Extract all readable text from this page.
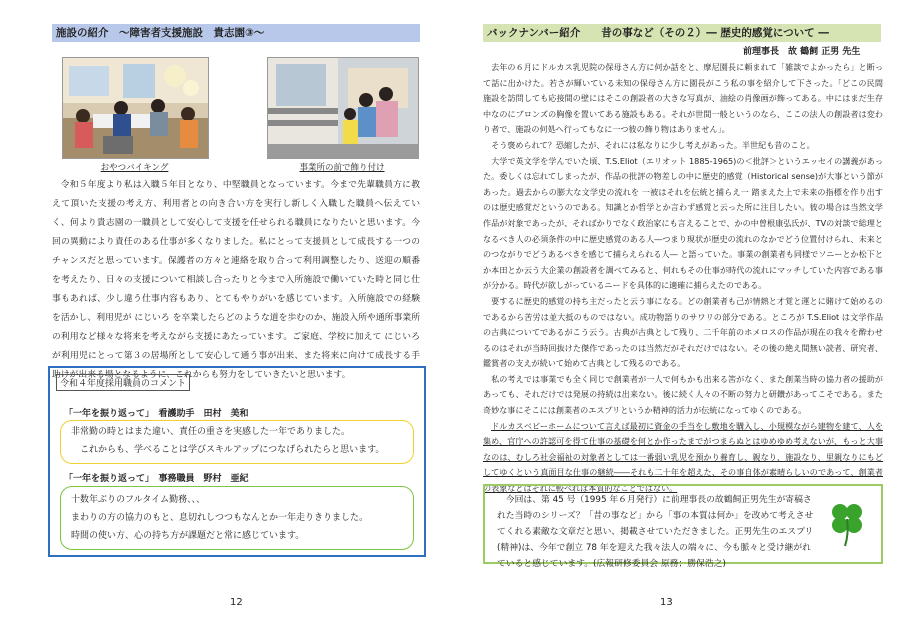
施設の紹介　～障害者支援施設　貴志園③～
おやつバイキング	事業所の前で飾り付け

令和５年度より私は入職５年目となり、中堅職員となっています。今まで先輩職員方に教えて頂いた支援の考え方、利用者との向き合い方を実行し新しく入職した職員へ伝えていく、何より貴志園の一職員として安心して支援を任せられる職員になりたいと思います。今回の異動により責任のある仕事が多くなりました。私にとって支援員として成長する一つのチャンスだと思っています。保護者の方々と連絡を取り合って利用調整したり、送迎の順番を考えたり、日々の支援について相談し合ったりと今まで入所施設で働いていた時と同じ仕事もあれば、少し違う仕事内容もあり、とてもやりがいを感じています。入所施設での経験を活かし、利用児が にじいろ を卒業したらどのような道を歩むのか、施設入所や通所事業所の利用など様々な将来を考えながら支援にあたっています。ご家庭、学校に加えて にじいろ が利用児にとって第３の居場所として安心して通う事が出来、また将来に向けて成長する手助けが出来る場となるように、これからも努力をしていきたいと思います。

令和４年度採用職員のコメント
「一年を振り返って」　看護助手　田村　美和
非常勤の時とはまた違い、責任の重さを実感した一年でありました。
これからも、学べることは学びスキルアップにつなげられたらと思います。
「一年を振り返って」　事務職員　野村　亜紀
十数年ぶりのフルタイム勤務、、、
まわりの方の協力のもと、息切れしつつもなんとか一年走りきりました。
時間の使い方、心の持ち方が課題だと常に感じています。
12
バックナンバー紹介　　昔の事など（その２）― 歴史的感覚について ―
前理事長　故 鶴飼 正男 先生

去年の６月にドルカス乳児院の保母さん方に何か話をと、摩尼園長に頼まれて「雑談でよかったら」と断って話に出かけた。若さが輝いている未知の保母さん方に園長がこう私の事を紹介して下さった。「どこの民間施設を訪問しても応接間の壁にはそこの創設者の大きな写真が、油絵の肖像画が飾ってある。中にはまだ生存中なのにブロンズの胸像を置いてある施設もある。それが世間一般というのなら、ここの法人の創設者は変わり者で、施設の何処へ行ってもなに一つ彼の飾り物はありません」。

そう褒められて？恐縮したが、それには私なりに少し考えがあった。半世紀も昔のこと。

大学で英文学を学んでいた頃、T.S.Eliot（エリオット 1885-1965)の＜批評＞というエッセイの講義があった。委しくは忘れてしまったが、作品の批評の物差しの中に歴史的感覚（Historical sense)が大事という節があった。過去からの膨大な文学史の流れを 一被はそれを伝統と捕らえ一 踏まえた上で未来の指標を作り出すのは歴史感覚だというのである。知識とか哲学とか言わず感覚と云った所に注目したい。彼の場合は当然文学作品が対象であったが、そればかりでなく政治家にも言えることで、かの中曽根康弘氏が、TVの対談で総理となるべき人の必須条件の中に歴史感覚のある人―つまり現状が歴史の流れのなかでどう位置付けられ、未来とのつながりでどうあるべきを感じて捕らえられる人― と語っていた。事業の創業者も同様でソニーとか松下とか本田とか云う大企業の創設者を調べてみると、何れもその仕事が時代の流れにマッチしていた内容である事が分かる。時代が欲しがっているニードを具体的に適確に捕らえたのである。

要するに歴史的感覚の持ち主だったと云う事になる。どの創業者も己が情熱と才覚と運とに賭けて始めるのであるから苦労は並大抵のものではない。成功物語りのサワリの部分である。ところが T.S.Eliot は文学作品の古典についてであるがこう云う。古典が古典として残り、二千年前のホメロスの作品が現在の我々を酔わせるのはそれが当時回抜けた傑作であったのは当然だがそれだけではない。その後の絶え間無い読者、研究者、鑑賞者の支えが続いて始めて古典として残るのである。

私の考えでは事業でも全く同じで創業者が一人で何もかも出来る筈がなく、また創業当時の協力者の援助があっても、それだけでは発展の持続は出来ない。後に続く人々の不断の努力と研鑽があってこそである。また奇妙な事にそこには創業者のエスプリというか精神的活力が伝統になってゆくのである。

ドルカスベビーホームについて言えば最初に資金の手当をし敷地を購入し、小規模ながら建物を建て、人を集め、官庁への許認可を得て仕事の基礎を何とか作ったまでがつまらぬとはゆめゆめ考えないが、もっと大事なのは、むしろ社会福祉の対象者としては一番弱い乳児を預かり養育し、親なり、施設なり、里親なりにもどしてゆくという真面目な仕事の継続――それも二十年を超えた、その事自体が素晴らしいのであって、創業者の表象などはそれに較べれば本質的なことではない。

今回は、第 45 号（1995 年６月発行）に前理事長の故鶴飼正男先生が寄稿された当時のシリーズ？「昔の事など」から「事の本質は何か」を改めて考えさせてくれる素敵な文章だと思い、掲載させていただきました。正男先生のエスプリ(精神)は、今年で創立 78 年を迎えた我々法人の端々に、今も脈々と受け継がれていると感じています。(広報研修委員会 原務；勝保浩之)
13
